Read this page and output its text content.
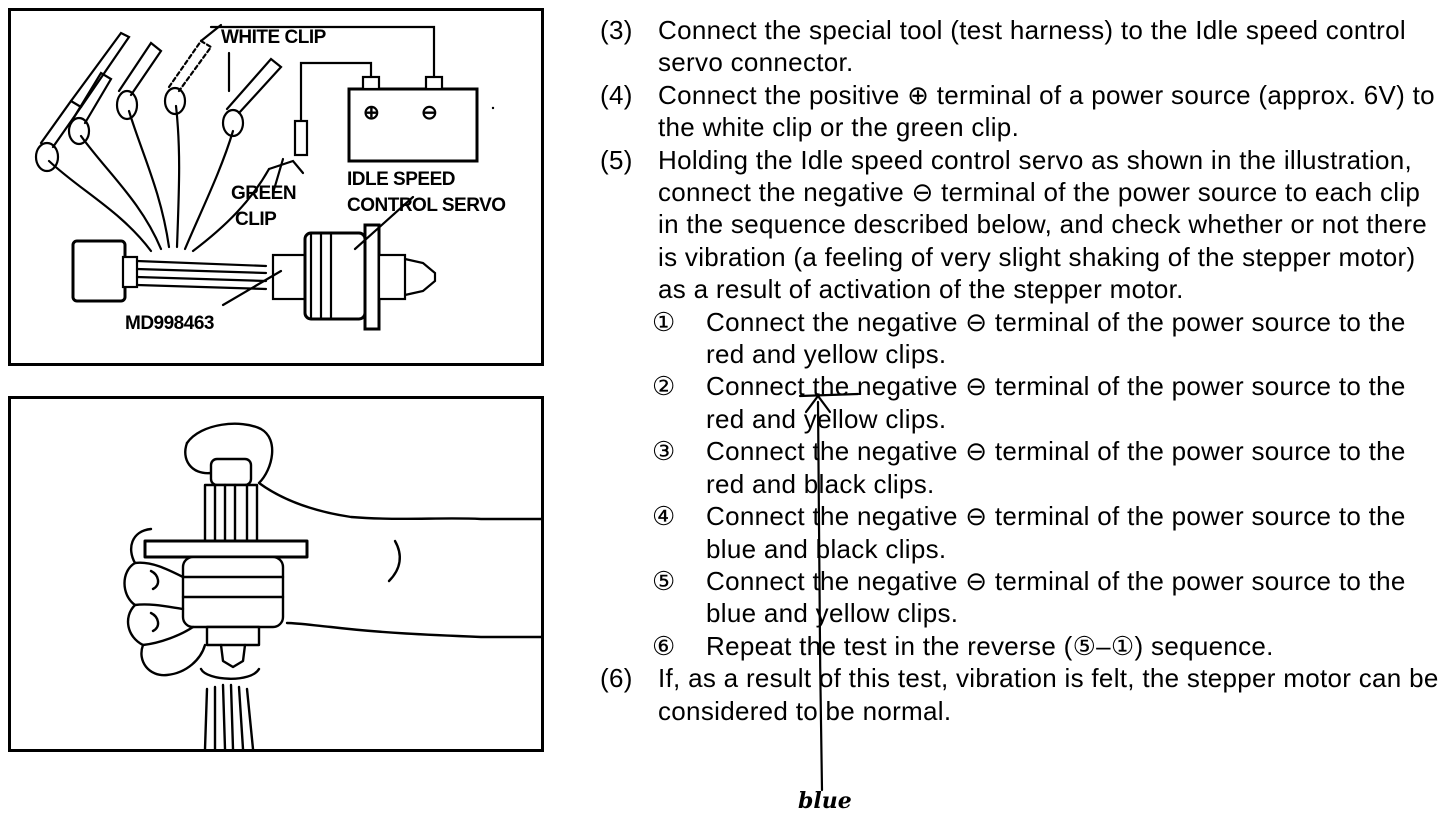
⊕ ⊖
WHITE CLIP
GREEN
CLIP
IDLE SPEED
CONTROL SERVO
MD998463
(3) Connect the special tool (test harness) to the Idle speed control servo connector.
(4) Connect the positive ⊕ terminal of a power source (approx. 6V) to the white clip or the green clip.
(5) Holding the Idle speed control servo as shown in the illustration, connect the negative ⊖ terminal of the power source to each clip in the sequence described below, and check whether or not there is vibration (a feeling of very slight shaking of the stepper motor) as a result of activation of the stepper motor.
① Connect the negative ⊖ terminal of the power source to the red and yellow clips.
② Connect the negative ⊖ terminal of the power source to the red and yellow clips.
③ Connect the negative ⊖ terminal of the power source to the red and black clips.
④ Connect the negative ⊖ terminal of the power source to the blue and black clips.
⑤ Connect the negative ⊖ terminal of the power source to the blue and yellow clips.
⑥ Repeat the test in the reverse (⑤–①) sequence.
(6) If, as a result of this test, vibration is felt, the stepper motor can be considered to be normal.
blue
